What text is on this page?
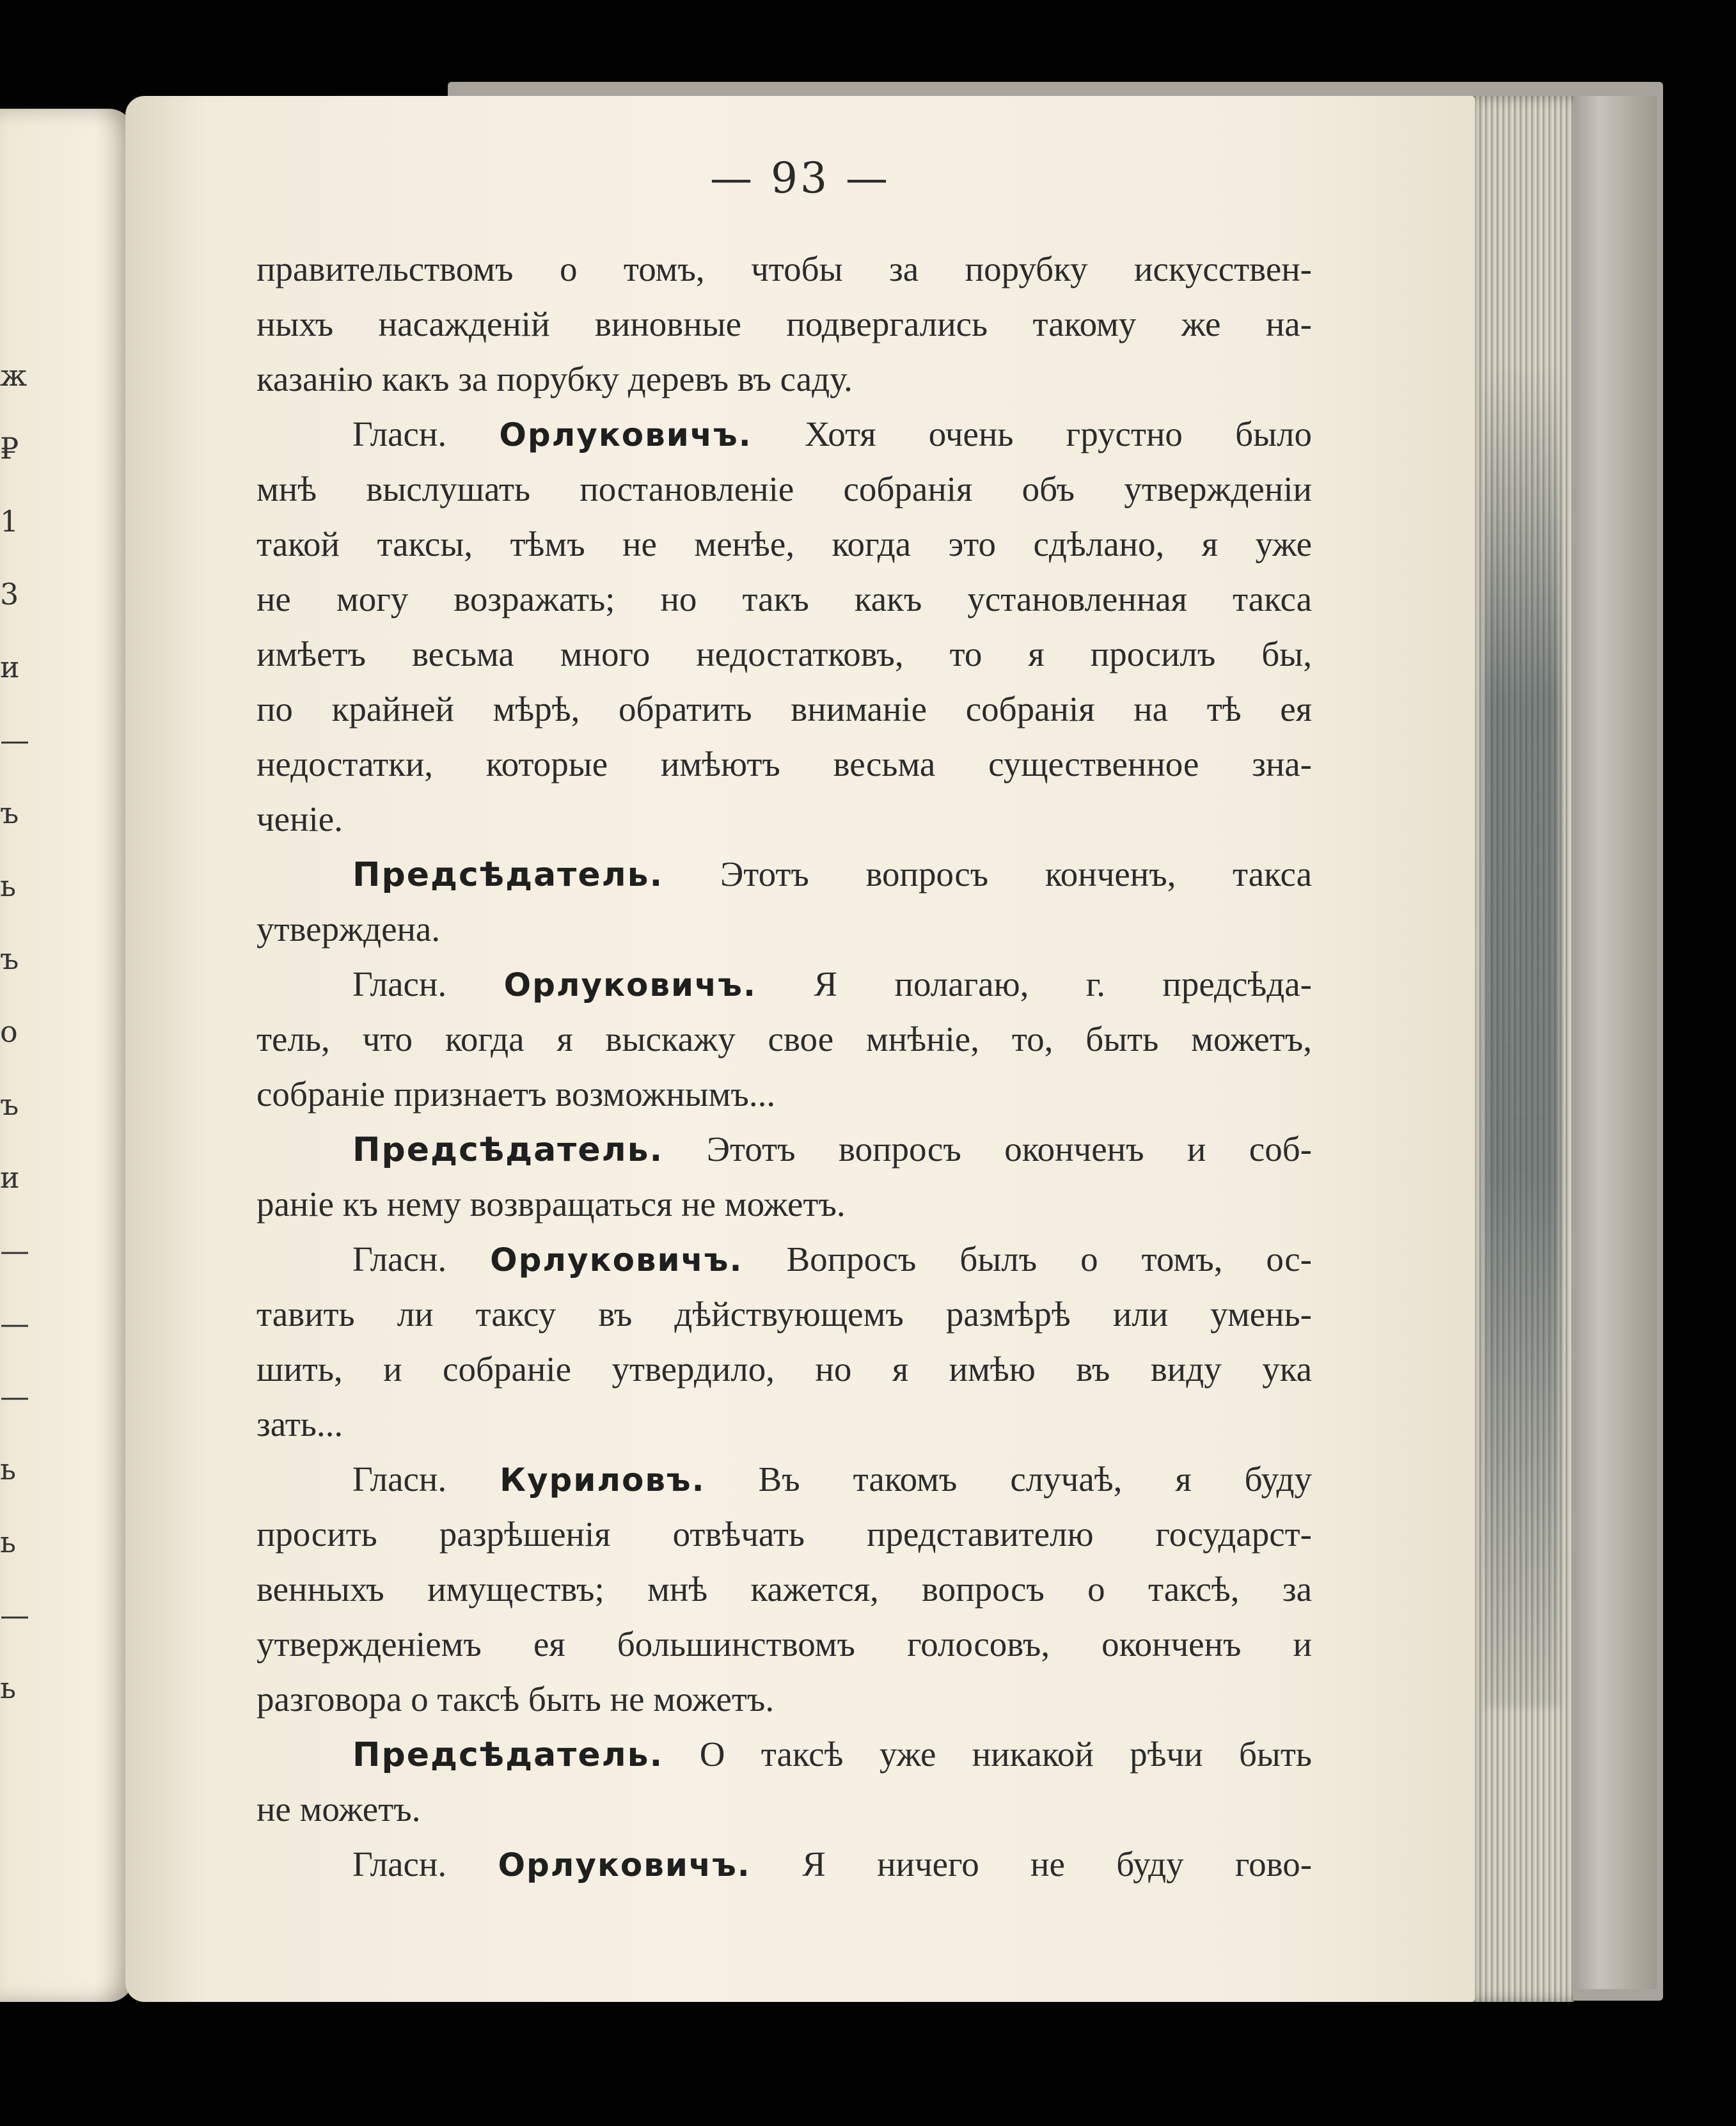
ж
₽
1
3
и
—
ъ
ь
ъ
о
ъ
и
—
—
—
ь
ь
—
ь
— 93 —
правительствомъ о томъ, чтобы за порубку искусствен-
ныхъ насажденій виновные подвергались такому же на-
казанію какъ за порубку деревъ въ саду.
Гласн. Орлуковичъ. Хотя очень грустно было
мнѣ выслушать постановленіе собранія объ утвержденіи
такой таксы, тѣмъ не менѣе, когда это сдѣлано, я уже
не могу возражать; но такъ какъ установленная такса
имѣетъ весьма много недостатковъ, то я просилъ бы,
по крайней мѣрѣ, обратить вниманіе собранія на тѣ ея
недостатки, которые имѣютъ весьма существенное зна-
ченіе.
Предсѣдатель. Этотъ вопросъ конченъ, такса
утверждена.
Гласн. Орлуковичъ. Я полагаю, г. предсѣда-
тель, что когда я выскажу свое мнѣніе, то, быть можетъ,
собраніе признаетъ возможнымъ...
Предсѣдатель. Этотъ вопросъ оконченъ и соб-
раніе къ нему возвращаться не можетъ.
Гласн. Орлуковичъ. Вопросъ былъ о томъ, ос-
тавить ли таксу въ дѣйствующемъ размѣрѣ или умень-
шить, и собраніе утвердило, но я имѣю въ виду ука
зать...
Гласн. Куриловъ. Въ такомъ случаѣ, я буду
просить разрѣшенія отвѣчать представителю государст-
венныхъ имуществъ; мнѣ кажется, вопросъ о таксѣ, за
утвержденіемъ ея большинствомъ голосовъ, оконченъ и
разговора о таксѣ быть не можетъ.
Предсѣдатель. О таксѣ уже никакой рѣчи быть
не можетъ.
Гласн. Орлуковичъ. Я ничего не буду гово-
